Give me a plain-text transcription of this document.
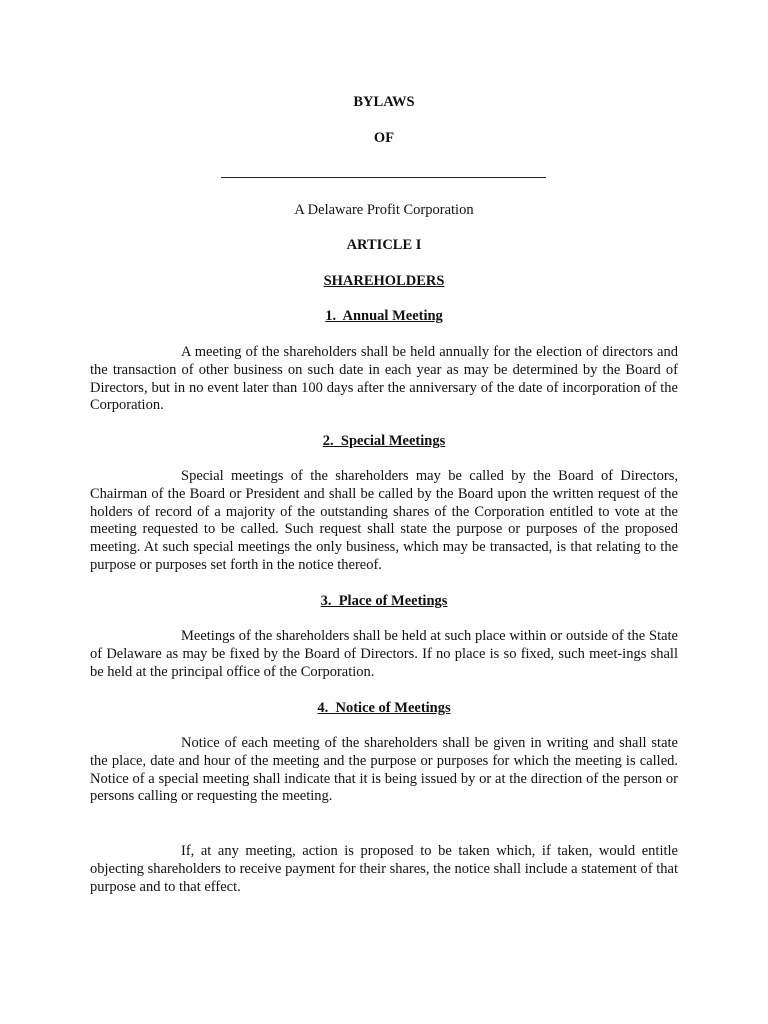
BYLAWS
OF
A Delaware Profit Corporation
ARTICLE I
SHAREHOLDERS
1.  Annual Meeting

A meeting of the shareholders shall be held annually for the election of directors and the transaction of other business on such date in each year as may be determined by the Board of Directors, but in no event later than 100 days after the anniversary of the date of incorporation of the Corporation.

2.  Special Meetings

Special meetings of the shareholders may be called by the Board of Directors, Chairman of the Board or President and shall be called by the Board upon the written request of the holders of record of a majority of the outstanding shares of the Corporation entitled to vote at the meeting requested to be called. Such request shall state the purpose or purposes of the proposed meeting. At such special meetings the only business, which may be transacted, is that relating to the purpose or purposes set forth in the notice thereof.

3.  Place of Meetings

Meetings of the shareholders shall be held at such place within or outside of the State of Delaware as may be fixed by the Board of Directors. If no place is so fixed, such meet-ings shall be held at the principal office of the Corporation.

4.  Notice of Meetings

Notice of each meeting of the shareholders shall be given in writing and shall state the place, date and hour of the meeting and the purpose or purposes for which the meeting is called. Notice of a special meeting shall indicate that it is being issued by or at the direction of the person or persons calling or requesting the meeting.

If, at any meeting, action is proposed to be taken which, if taken, would entitle objecting shareholders to receive payment for their shares, the notice shall include a statement of that purpose and to that effect.
